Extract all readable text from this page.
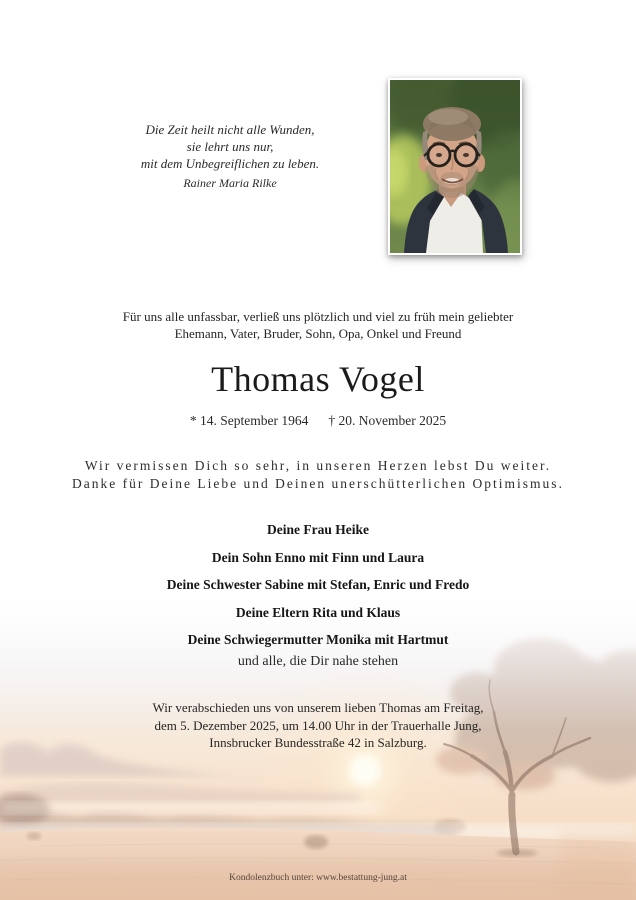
Die Zeit heilt nicht alle Wunden,
sie lehrt uns nur,
mit dem Unbegreiflichen zu leben.
Rainer Maria Rilke
Für uns alle unfassbar, verließ uns plötzlich und viel zu früh mein geliebter
Ehemann, Vater, Bruder, Sohn, Opa, Onkel und Freund
Thomas Vogel
* 14. September 1964 † 20. November 2025
Wir vermissen Dich so sehr, in unseren Herzen lebst Du weiter.
Danke für Deine Liebe und Deinen unerschütterlichen Optimismus.
Deine Frau Heike
Dein Sohn Enno mit Finn und Laura
Deine Schwester Sabine mit Stefan, Enric und Fredo
Deine Eltern Rita und Klaus
Deine Schwiegermutter Monika mit Hartmut
und alle, die Dir nahe stehen
Wir verabschieden uns von unserem lieben Thomas am Freitag,
dem 5. Dezember 2025, um 14.00 Uhr in der Trauerhalle Jung,
Innsbrucker Bundesstraße 42 in Salzburg.
Kondolenzbuch unter: www.bestattung-jung.at
